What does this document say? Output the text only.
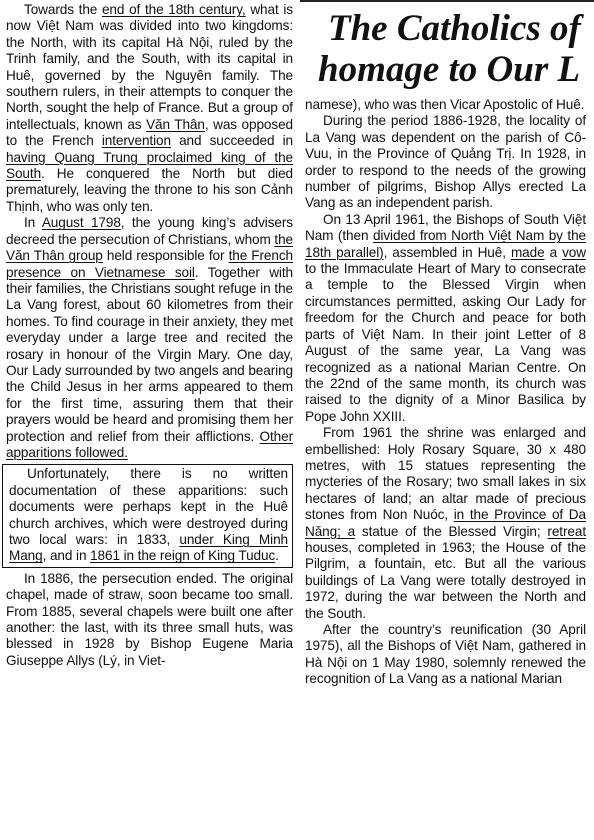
The Catholics of
homage to Our L

Towards the end of the 18th century, what is now Việt Nam was divided into two kingdoms: the North, with its capital Hà Nội, ruled by the Trinh family, and the South, with its capital in Huê, governed by the Nguyên family. The southern rulers, in their attempts to conquer the North, sought the help of France. But a group of intellectuals, known as Văn Thân, was opposed to the French intervention and succeeded in having Quang Trung proclaimed king of the South. He conquered the North but died prematurely, leaving the throne to his son Cảnh Thịnh, who was only ten.

In August 1798, the young king’s advisers decreed the persecution of Christians, whom the Văn Thân group held responsible for the French presence on Vietnamese soil. Together with their families, the Christians sought refuge in the La Vang forest, about 60 kilometres from their homes. To find courage in their anxiety, they met everyday under a large tree and recited the rosary in honour of the Virgin Mary. One day, Our Lady surrounded by two angels and bearing the Child Jesus in her arms appeared to them for the first time, assuring them that their prayers would be heard and promising them her protection and relief from their afflictions. Other apparitions followed.

Unfortunately, there is no written documentation of these apparitions: such documents were perhaps kept in the Huê church archives, which were destroyed during two local wars: in 1833, under King Minh Mang, and in 1861 in the reign of King Tuduc.

In 1886, the persecution ended. The original chapel, made of straw, soon became too small. From 1885, several chapels were built one after another: the last, with its three small huts, was blessed in 1928 by Bishop Eugene Maria Giuseppe Allys (Lý, in Viet-

namese), who was then Vicar Apostolic of Huê.

During the period 1886-1928, the locality of La Vang was dependent on the parish of Cô-Vuu, in the Province of Quảng Trị. In 1928, in order to respond to the needs of the growing number of pilgrims, Bishop Allys erected La Vang as an independent parish.

On 13 April 1961, the Bishops of South Việt Nam (then divided from North Việt Nam by the 18th parallel), assembled in Huê, made a vow to the Immaculate Heart of Mary to consecrate a temple to the Blessed Virgin when circumstances permitted, asking Our Lady for freedom for the Church and peace for both parts of Việt Nam. In their joint Letter of 8 August of the same year, La Vang was recognized as a national Marian Centre. On the 22nd of the same month, its church was raised to the dignity of a Minor Basilica by Pope John XXIII.

From 1961 the shrine was enlarged and embellished: Holy Rosary Square, 30 x 480 metres, with 15 statues representing the mycteries of the Rosary; two small lakes in six hectares of land; an altar made of precious stones from Non Nuóc, in the Province of Da Năng; a statue of the Blessed Virgin; retreat houses, completed in 1963; the House of the Pilgrim, a fountain, etc. But all the various buildings of La Vang were totally destroyed in 1972, during the war between the North and the South.

After the country’s reunification (30 April 1975), all the Bishops of Việt Nam, gathered in Hà Nội on 1 May 1980, solemnly renewed the recognition of La Vang as a national Marian
